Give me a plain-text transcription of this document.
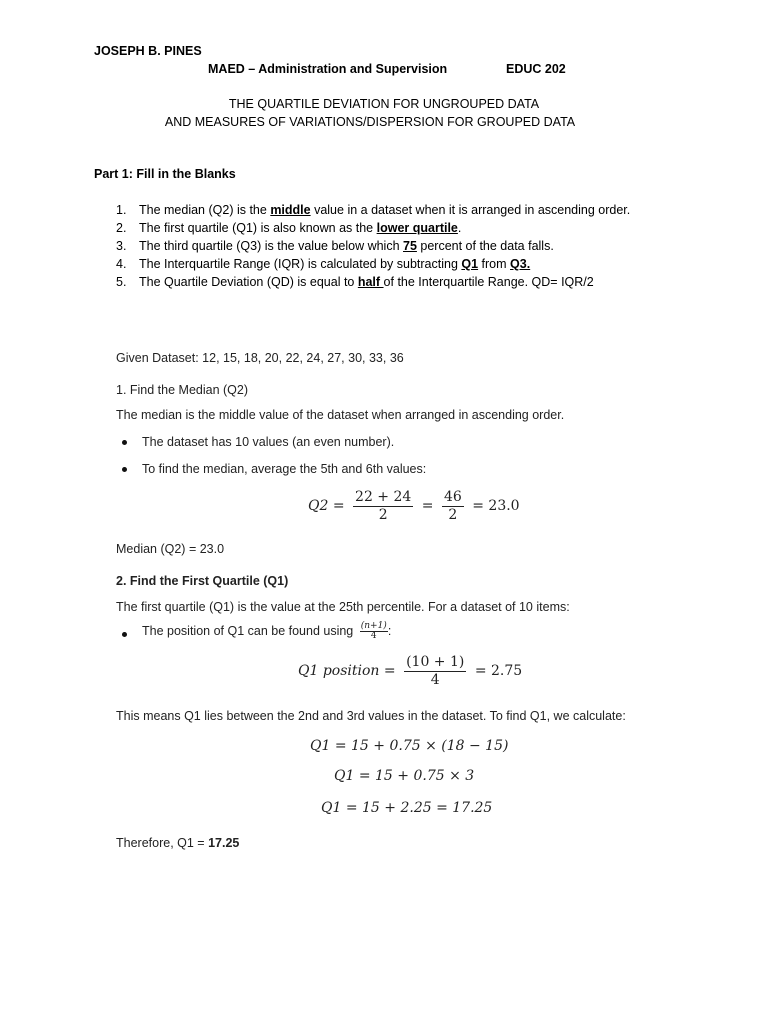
JOSEPH B. PINES
MAED – Administration and Supervision	EDUC 202
THE QUARTILE DEVIATION FOR UNGROUPED DATA
AND MEASURES OF VARIATIONS/DISPERSION FOR GROUPED DATA
Part 1: Fill in the Blanks
1. The median (Q2) is the middle value in a dataset when it is arranged in ascending order.
2. The first quartile (Q1) is also known as the lower quartile.
3. The third quartile (Q3) is the value below which 75 percent of the data falls.
4. The Interquartile Range (IQR) is calculated by subtracting Q1 from Q3.
5. The Quartile Deviation (QD) is equal to half of the Interquartile Range. QD= IQR/2
Given Dataset: 12, 15, 18, 20, 22, 24, 27, 30, 33, 36
1. Find the Median (Q2)
The median is the middle value of the dataset when arranged in ascending order.
The dataset has 10 values (an even number).
To find the median, average the 5th and 6th values:
$Q2 = \frac{22 + 24}{2} = \frac{46}{2} = 23.0$
Median (Q2) = 23.0
2. Find the First Quartile (Q1)
The first quartile (Q1) is the value at the 25th percentile. For a dataset of 10 items:
The position of Q1 can be found using $\frac{(n+1)}{4}$ :
Q1 position = $\frac{(10 + 1)}{4} = 2.75$
This means Q1 lies between the 2nd and 3rd values in the dataset. To find Q1, we calculate:
Q1 = 15 + 0.75 × (18 − 15)
Q1 = 15 + 0.75 × 3
Q1 = 15 + 2.25 = 17.25
Therefore, Q1 = 17.25
